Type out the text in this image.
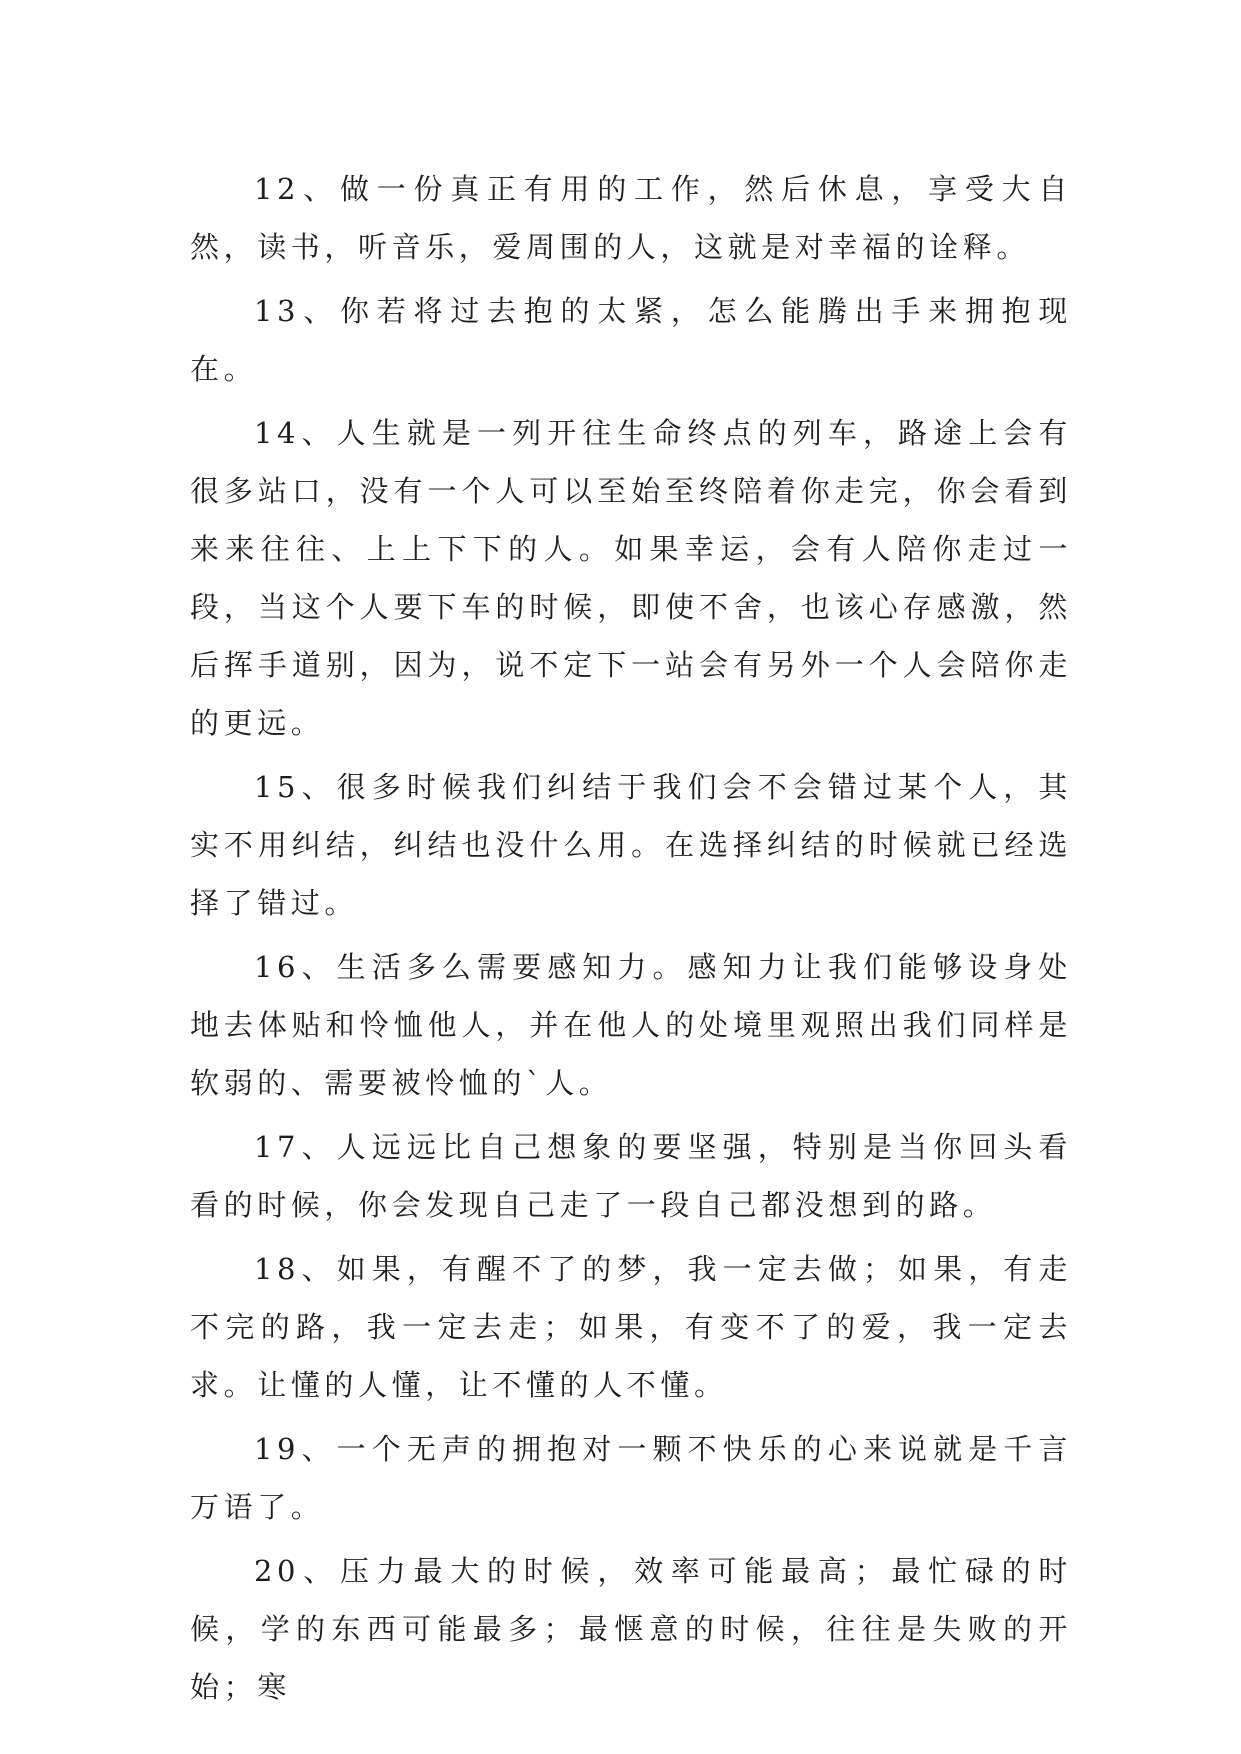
12、做一份真正有用的工作，然后休息，享受大自然，读书，听音乐，爱周围的人，这就是对幸福的诠释。

13、你若将过去抱的太紧，怎么能腾出手来拥抱现在。

14、人生就是一列开往生命终点的列车，路途上会有很多站口，没有一个人可以至始至终陪着你走完，你会看到来来往往、上上下下的人。如果幸运，会有人陪你走过一段，当这个人要下车的时候，即使不舍，也该心存感激，然后挥手道别，因为，说不定下一站会有另外一个人会陪你走的更远。

15、很多时候我们纠结于我们会不会错过某个人，其实不用纠结，纠结也没什么用。在选择纠结的时候就已经选择了错过。

16、生活多么需要感知力。感知力让我们能够设身处地去体贴和怜恤他人，并在他人的处境里观照出我们同样是软弱的、需要被怜恤的`人。

17、人远远比自己想象的要坚强，特别是当你回头看看的时候，你会发现自己走了一段自己都没想到的路。

18、如果，有醒不了的梦，我一定去做；如果，有走不完的路，我一定去走；如果，有变不了的爱，我一定去求。让懂的人懂，让不懂的人不懂。

19、一个无声的拥抱对一颗不快乐的心来说就是千言万语了。

20、压力最大的时候，效率可能最高；最忙碌的时候，学的东西可能最多；最惬意的时候，往往是失败的开始；寒
